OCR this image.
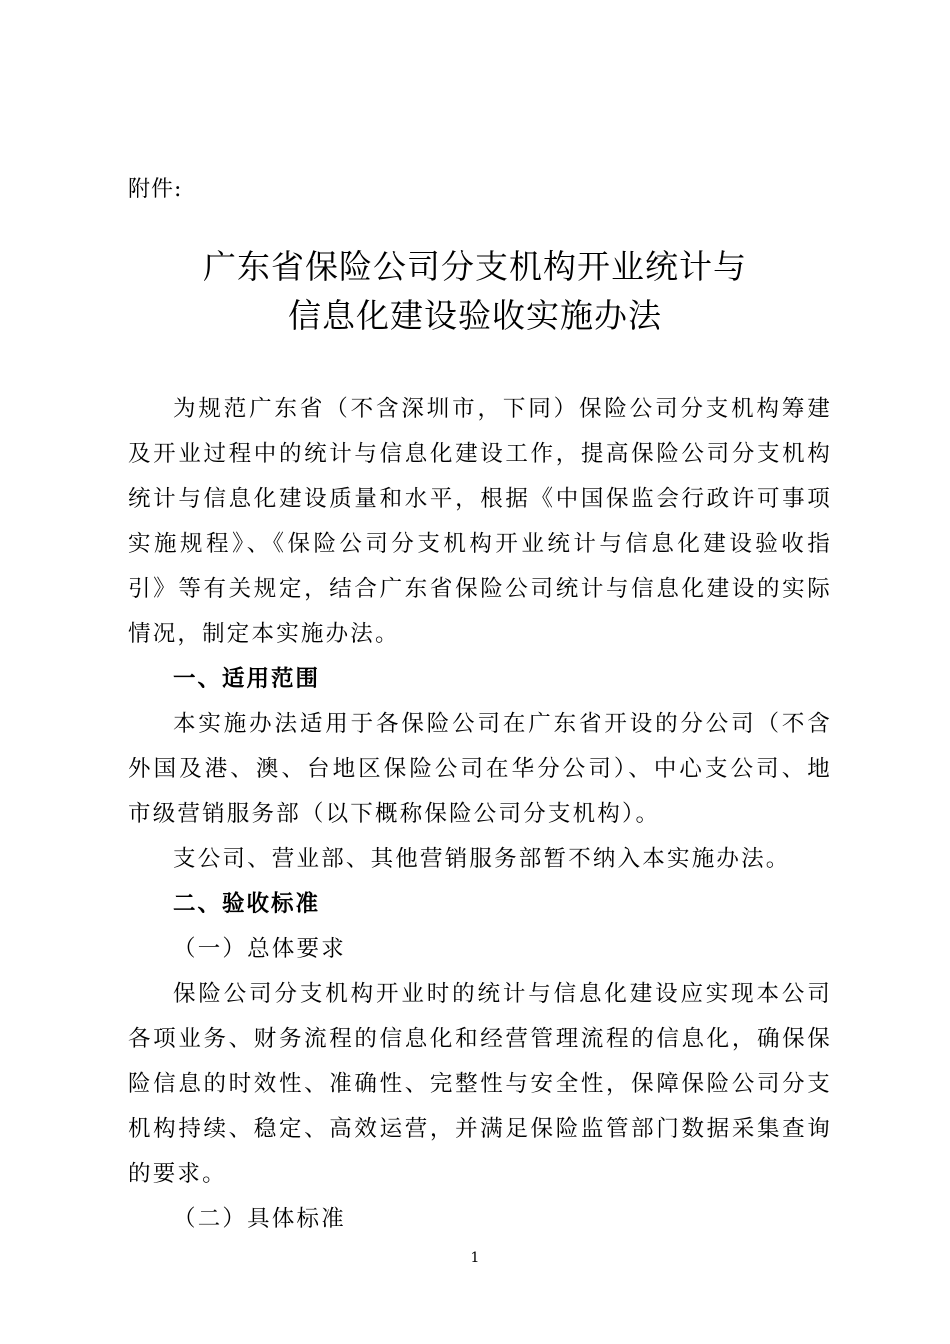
附件:
广东省保险公司分支机构开业统计与
信息化建设验收实施办法

为规范广东省（不含深圳市，下同）保险公司分支机构筹建及开业过程中的统计与信息化建设工作，提高保险公司分支机构统计与信息化建设质量和水平，根据《中国保监会行政许可事项实施规程》、《保险公司分支机构开业统计与信息化建设验收指引》等有关规定，结合广东省保险公司统计与信息化建设的实际情况，制定本实施办法。

一、适用范围

本实施办法适用于各保险公司在广东省开设的分公司（不含外国及港、澳、台地区保险公司在华分公司）、中心支公司、地市级营销服务部（以下概称保险公司分支机构）。

支公司、营业部、其他营销服务部暂不纳入本实施办法。

二、验收标准

（一）总体要求

保险公司分支机构开业时的统计与信息化建设应实现本公司各项业务、财务流程的信息化和经营管理流程的信息化，确保保险信息的时效性、准确性、完整性与安全性，保障保险公司分支机构持续、稳定、高效运营，并满足保险监管部门数据采集查询的要求。

（二）具体标准

1
